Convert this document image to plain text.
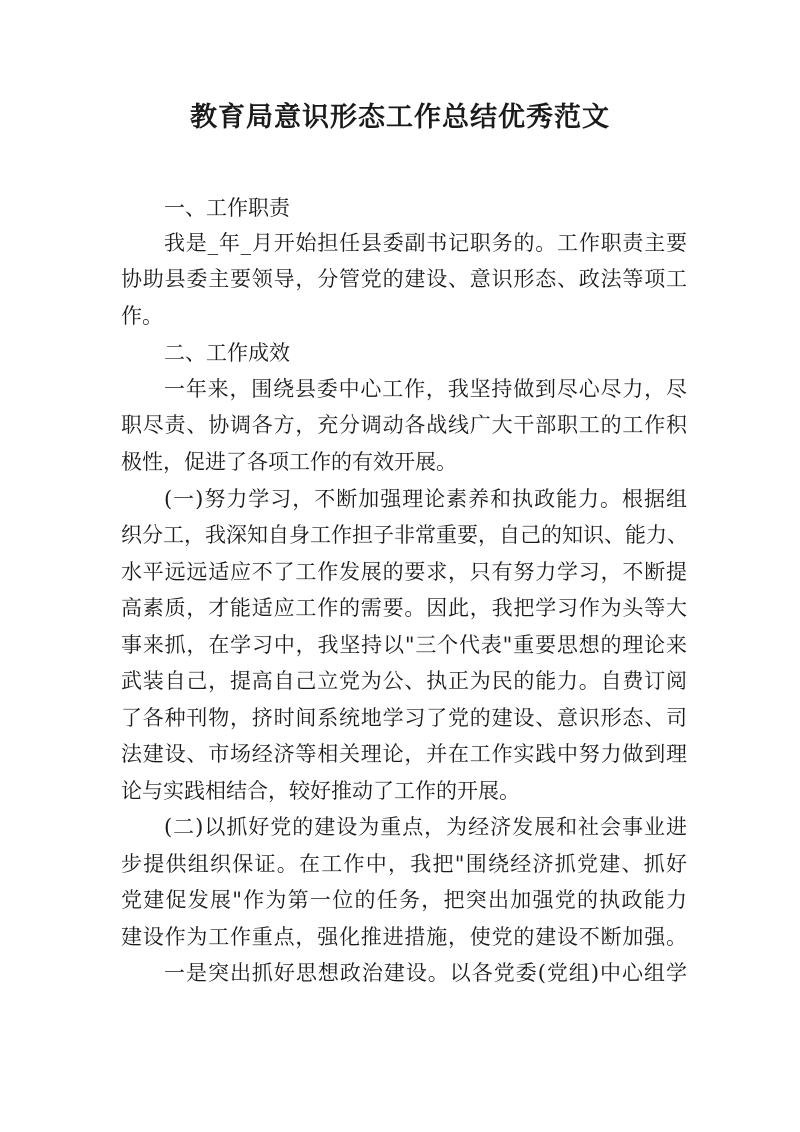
教育局意识形态工作总结优秀范文

一、工作职责

我是_年_月开始担任县委副书记职务的。工作职责主要

协助县委主要领导，分管党的建设、意识形态、政法等项工

作。

二、工作成效

一年来，围绕县委中心工作，我坚持做到尽心尽力，尽

职尽责、协调各方，充分调动各战线广大干部职工的工作积

极性，促进了各项工作的有效开展。

(一)努力学习，不断加强理论素养和执政能力。根据组

织分工，我深知自身工作担子非常重要，自己的知识、能力、

水平远远适应不了工作发展的要求，只有努力学习，不断提

高素质，才能适应工作的需要。因此，我把学习作为头等大

事来抓，在学习中，我坚持以"三个代表"重要思想的理论来

武装自己，提高自己立党为公、执正为民的能力。自费订阅

了各种刊物，挤时间系统地学习了党的建设、意识形态、司

法建设、市场经济等相关理论，并在工作实践中努力做到理

论与实践相结合，较好推动了工作的开展。

(二)以抓好党的建设为重点，为经济发展和社会事业进

步提供组织保证。在工作中，我把"围绕经济抓党建、抓好

党建促发展"作为第一位的任务，把突出加强党的执政能力

建设作为工作重点，强化推进措施，使党的建设不断加强。

一是突出抓好思想政治建设。以各党委(党组)中心组学
